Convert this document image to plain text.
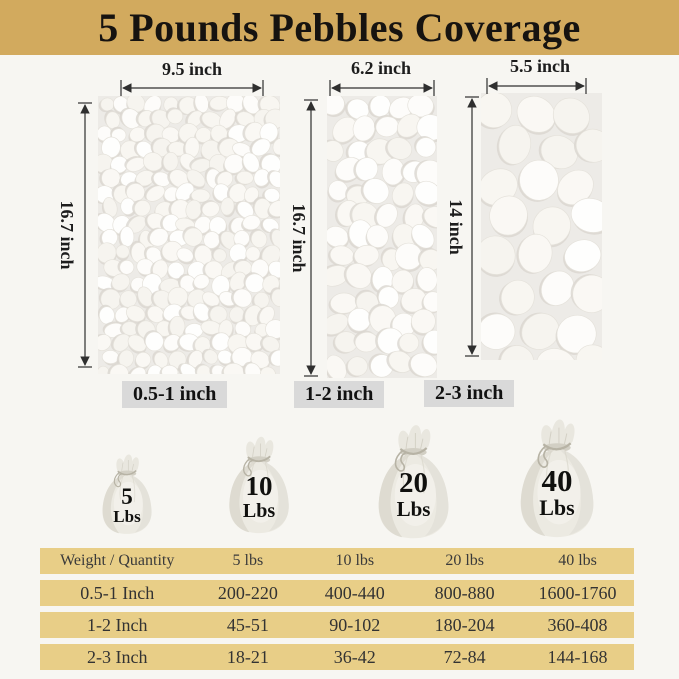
5 Pounds Pebbles Coverage
9.5 inch	6.2 inch	5.5 inch
16.7 inch	16.7 inch	14 inch
0.5-1 inch	1-2 inch	2-3 inch
5
Lbs
10
Lbs
20
Lbs
40
Lbs
Weight / Quantity	5 lbs	10 lbs	20 lbs	40 lbs
0.5-1 Inch	200-220	400-440	800-880	1600-1760
1-2 Inch	45-51	90-102	180-204	360-408
2-3 Inch	18-21	36-42	72-84	144-168
